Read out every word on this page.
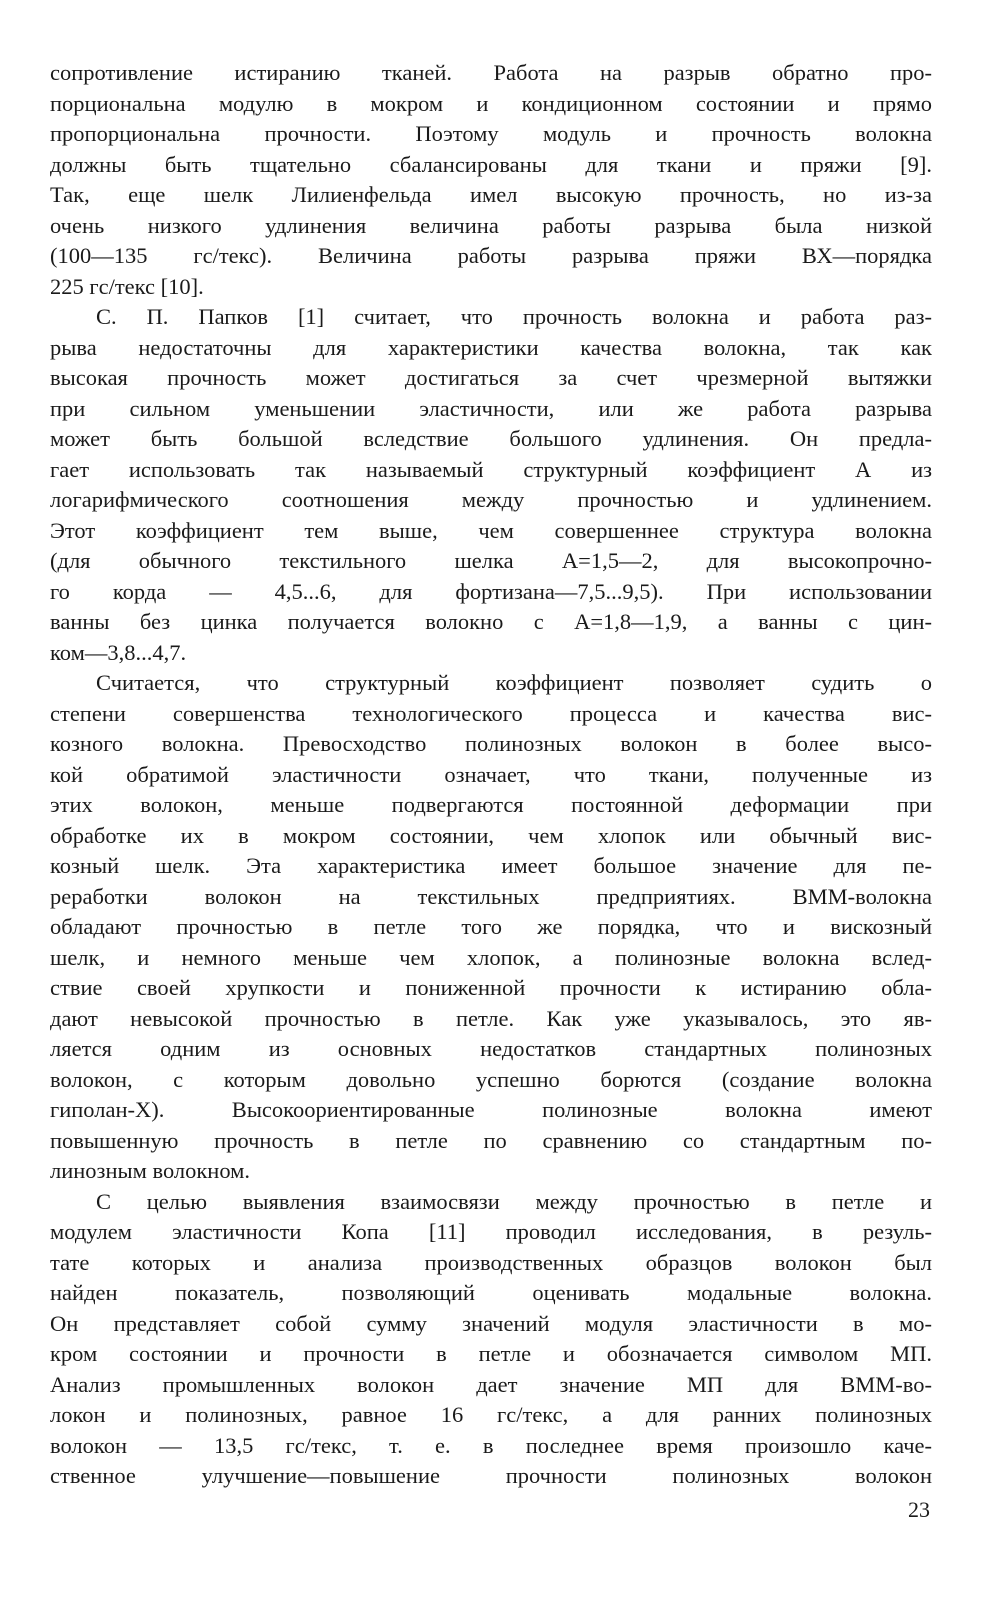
сопротивление истиранию тканей. Работа на разрыв обратно про-
порциональна модулю в мокром и кондиционном состоянии и прямо
пропорциональна прочности. Поэтому модуль и прочность волокна
должны быть тщательно сбалансированы для ткани и пряжи [9].
Так, еще шелк Лилиенфельда имел высокую прочность, но из-за
очень низкого удлинения величина работы разрыва была низкой
(100—135 гс/текс). Величина работы разрыва пряжи ВХ—порядка
225 гс/текс [10].
С. П. Папков [1] считает, что прочность волокна и работа раз-
рыва недостаточны для характеристики качества волокна, так как
высокая прочность может достигаться за счет чрезмерной вытяжки
при сильном уменьшении эластичности, или же работа разрыва
может быть большой вследствие большого удлинения. Он предла-
гает использовать так называемый структурный коэффициент А из
логарифмического соотношения между прочностью и удлинением.
Этот коэффициент тем выше, чем совершеннее структура волокна
(для обычного текстильного шелка А=1,5—2, для высокопрочно-
го корда — 4,5...6, для фортизана—7,5...9,5). При использовании
ванны без цинка получается волокно с А=1,8—1,9, а ванны с цин-
ком—3,8...4,7.
Считается, что структурный коэффициент позволяет судить о
степени совершенства технологического процесса и качества вис-
козного волокна. Превосходство полинозных волокон в более высо-
кой обратимой эластичности означает, что ткани, полученные из
этих волокон, меньше подвергаются постоянной деформации при
обработке их в мокром состоянии, чем хлопок или обычный вис-
козный шелк. Эта характеристика имеет большое значение для пе-
реработки волокон на текстильных предприятиях. ВММ-волокна
обладают прочностью в петле того же порядка, что и вискозный
шелк, и немного меньше чем хлопок, а полинозные волокна вслед-
ствие своей хрупкости и пониженной прочности к истиранию обла-
дают невысокой прочностью в петле. Как уже указывалось, это яв-
ляется одним из основных недостатков стандартных полинозных
волокон, с которым довольно успешно борются (создание волокна
гиполан-Х). Высокоориентированные полинозные волокна имеют
повышенную прочность в петле по сравнению со стандартным по-
линозным волокном.
С целью выявления взаимосвязи между прочностью в петле и
модулем эластичности Копа [11] проводил исследования, в резуль-
тате которых и анализа производственных образцов волокон был
найден показатель, позволяющий оценивать модальные волокна.
Он представляет собой сумму значений модуля эластичности в мо-
кром состоянии и прочности в петле и обозначается символом МП.
Анализ промышленных волокон дает значение МП для ВММ-во-
локон и полинозных, равное 16 гс/текс, а для ранних полинозных
волокон — 13,5 гс/текс, т. е. в последнее время произошло каче-
ственное улучшение—повышение прочности полинозных волокон
23
